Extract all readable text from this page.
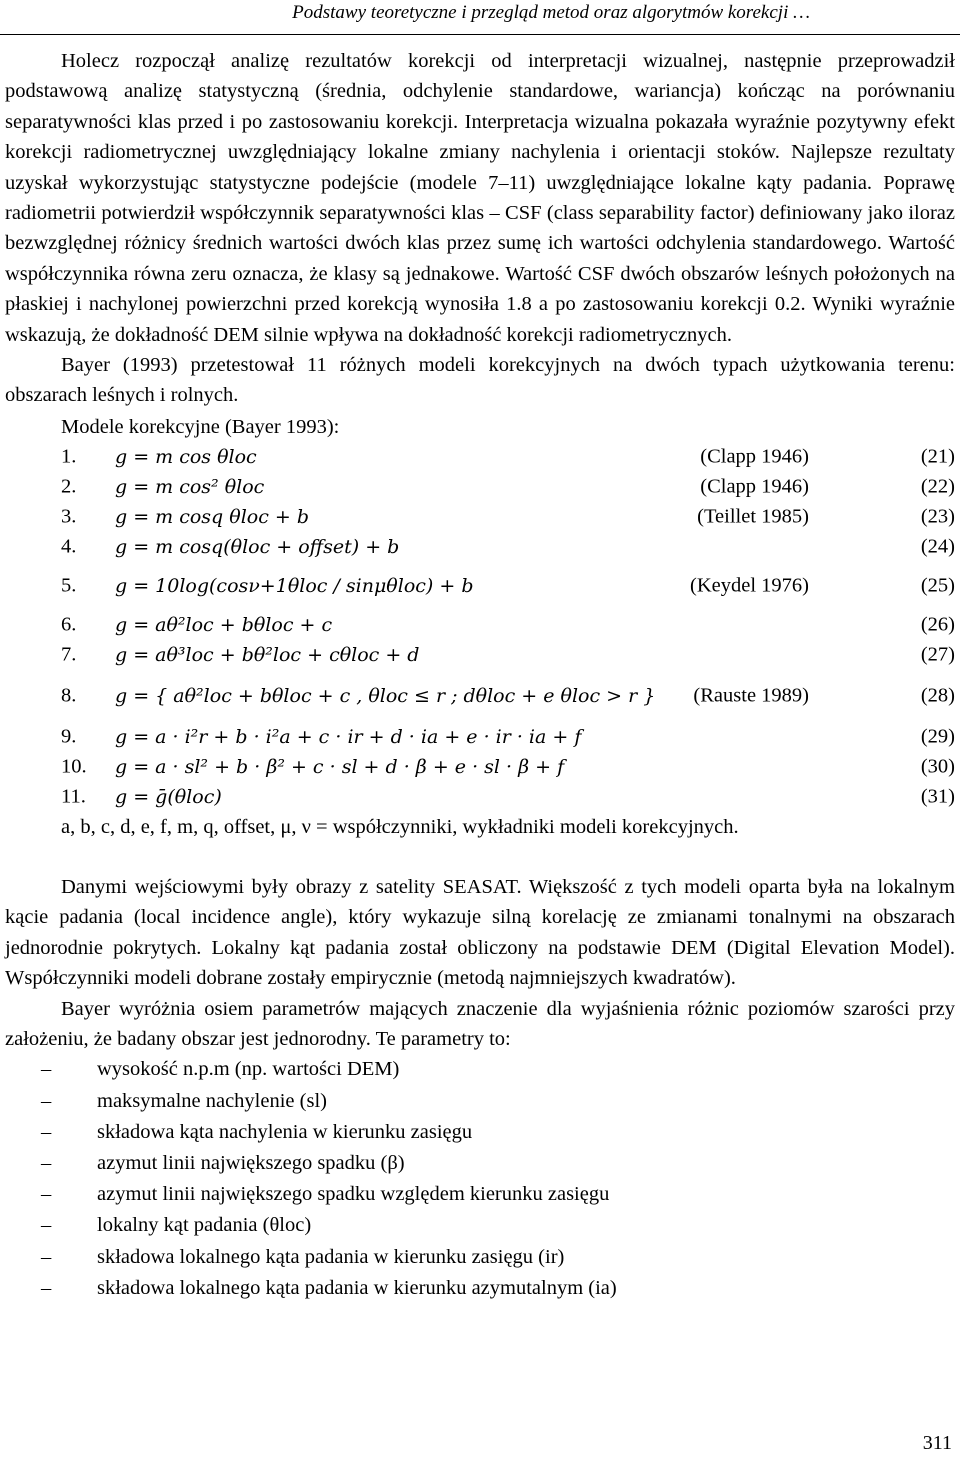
Podstawy teoretyczne i przegląd metod oraz algorytmów korekcji …

Holecz rozpoczął analizę rezultatów korekcji od interpretacji wizualnej, następnie przeprowadził podstawową analizę statystyczną (średnia, odchylenie standardowe, wariancja) kończąc na porównaniu separatywności klas przed i po zastosowaniu korekcji. Interpretacja wizualna pokazała wyraźnie pozytywny efekt korekcji radiometrycznej uwzględniający lokalne zmiany nachylenia i orientacji stoków. Najlepsze rezultaty uzyskał wykorzystując statystyczne podejście (modele 7–11) uwzględniające lokalne kąty padania. Poprawę radiometrii potwierdził współczynnik separatywności klas – CSF (class separability factor) definiowany jako iloraz bezwzględnej różnicy średnich wartości dwóch klas przez sumę ich wartości odchylenia standardowego. Wartość współczynnika równa zeru oznacza, że klasy są jednakowe. Wartość CSF dwóch obszarów leśnych położonych na płaskiej i nachylonej powierzchni przed korekcją wynosiła 1.8 a po zastosowaniu korekcji 0.2. Wyniki wyraźnie wskazują, że dokładność DEM silnie wpływa na dokładność korekcji radiometrycznych.

Bayer (1993) przetestował 11 różnych modeli korekcyjnych na dwóch typach użytkowania terenu: obszarach leśnych i rolnych.

Modele korekcyjne (Bayer 1993):
1. g = m cos θloc	(Clapp 1946)	(21)
2. g = m cos² θloc	(Clapp 1946)	(22)
3. g = m cosq θloc + b	(Teillet 1985)	(23)
4. g = m cosq(θloc + offset) + b	(24)
5. g = 10log(cosν+1θloc / sinμθloc) + b	(Keydel 1976)	(25)
6. g = aθ²loc + bθloc + c	(26)
7. g = aθ³loc + bθ²loc + cθloc + d	(27)
8. g = { aθ²loc + bθloc + c , θloc ≤ r ; dθloc + e θloc > r } (Rauste 1989)	(28)
9. g = a · i²r + b · i²a + c · ir + d · ia + e · ir · ia + f	(29)
10. g = a · sl² + b · β² + c · sl + d · β + e · sl · β + f	(30)
11. g = ḡ(θloc)	(31)
a, b, c, d, e, f, m, q, offset, μ, ν = współczynniki, wykładniki modeli korekcyjnych.

Danymi wejściowymi były obrazy z satelity SEASAT. Większość z tych modeli oparta była na lokalnym kącie padania (local incidence angle), który wykazuje silną korelację ze zmianami tonalnymi na obszarach jednorodnie pokrytych. Lokalny kąt padania został obliczony na podstawie DEM (Digital Elevation Model). Współczynniki modeli dobrane zostały empirycznie (metodą najmniejszych kwadratów).

Bayer wyróżnia osiem parametrów mających znaczenie dla wyjaśnienia różnic poziomów szarości przy założeniu, że badany obszar jest jednorodny. Te parametry to:

– wysokość n.p.m (np. wartości DEM)
– maksymalne nachylenie (sl)
– składowa kąta nachylenia w kierunku zasięgu
– azymut linii największego spadku (β)
– azymut linii największego spadku względem kierunku zasięgu
– lokalny kąt padania (θloc)
– składowa lokalnego kąta padania w kierunku zasięgu (ir)
– składowa lokalnego kąta padania w kierunku azymutalnym (ia)
311
